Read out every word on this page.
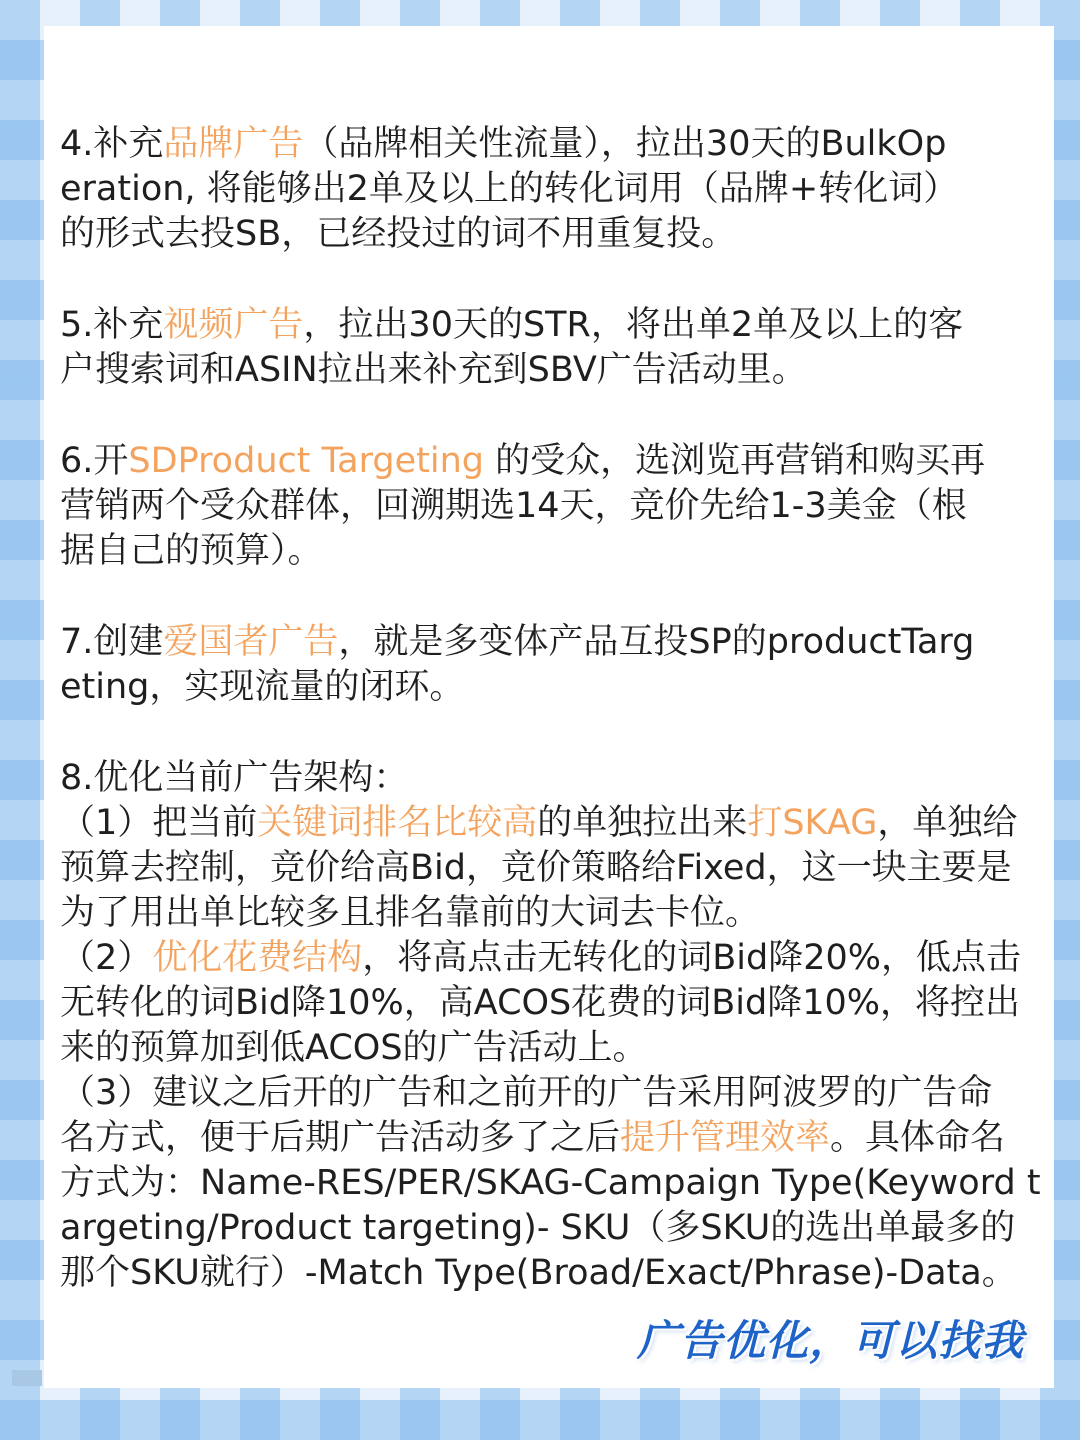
4.补充品牌广告（品牌相关性流量），拉出30天的BulkOp
eration, 将能够出2单及以上的转化词用（品牌+转化词）
的形式去投SB，已经投过的词不用重复投。
5.补充视频广告，拉出30天的STR，将出单2单及以上的客
户搜索词和ASIN拉出来补充到SBV广告活动里。
6.开SDProduct Targeting 的受众，选浏览再营销和购买再
营销两个受众群体，回溯期选14天，竞价先给1-3美金（根
据自己的预算）。
7.创建爱国者广告，就是多变体产品互投SP的productTarg
eting，实现流量的闭环。
8.优化当前广告架构：
（1）把当前关键词排名比较高的单独拉出来打SKAG，单独给
预算去控制，竞价给高Bid，竞价策略给Fixed，这一块主要是
为了用出单比较多且排名靠前的大词去卡位。
（2）优化花费结构，将高点击无转化的词Bid降20%，低点击
无转化的词Bid降10%，高ACOS花费的词Bid降10%，将控出
来的预算加到低ACOS的广告活动上。
（3）建议之后开的广告和之前开的广告采用阿波罗的广告命
名方式，便于后期广告活动多了之后提升管理效率。具体命名
方式为：Name-RES/PER/SKAG-Campaign Type(Keyword t
argeting/Product targeting)- SKU（多SKU的选出单最多的
那个SKU就行）-Match Type(Broad/Exact/Phrase)-Data。
广告优化，可以找我
